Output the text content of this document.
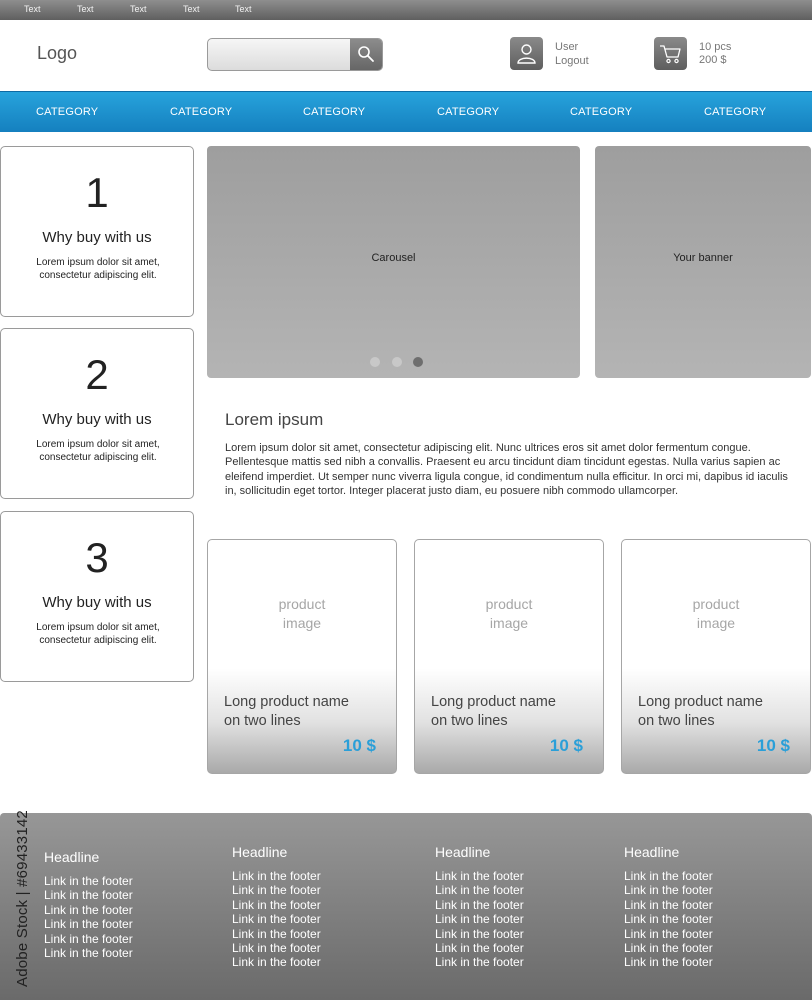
Text	Text	Text	Text	Text
Logo	User
Logout
10 pcs
200 $
CATEGORY	CATEGORY	CATEGORY	CATEGORY	CATEGORY	CATEGORY
1
Why buy with us
Lorem ipsum dolor sit amet, consectetur adipiscing elit.
2
Why buy with us
Lorem ipsum dolor sit amet, consectetur adipiscing elit.
3
Why buy with us
Lorem ipsum dolor sit amet, consectetur adipiscing elit.
Carousel	Your banner
Lorem ipsum
Lorem ipsum dolor sit amet, consectetur adipiscing elit. Nunc ultrices eros sit amet dolor fermentum congue. Pellentesque mattis sed nibh a convallis. Praesent eu arcu tincidunt diam tincidunt egestas. Nulla varius sapien ac eleifend imperdiet. Ut semper nunc viverra ligula congue, id condimentum nulla efficitur. In orci mi, dapibus id iaculis in, sollicitudin eget tortor. Integer placerat justo diam, eu posuere nibh commodo ullamcorper.
product
image
Long product name
on two lines
10 $
product
image
Long product name
on two lines
10 $
product
image
Long product name
on two lines
10 $
Headline
Link in the footer
Link in the footer
Link in the footer
Link in the footer
Link in the footer
Link in the footer
Headline
Link in the footer
Link in the footer
Link in the footer
Link in the footer
Link in the footer
Link in the footer
Link in the footer
Headline
Link in the footer
Link in the footer
Link in the footer
Link in the footer
Link in the footer
Link in the footer
Link in the footer
Headline
Link in the footer
Link in the footer
Link in the footer
Link in the footer
Link in the footer
Link in the footer
Link in the footer
Adobe Stock | #69433142
